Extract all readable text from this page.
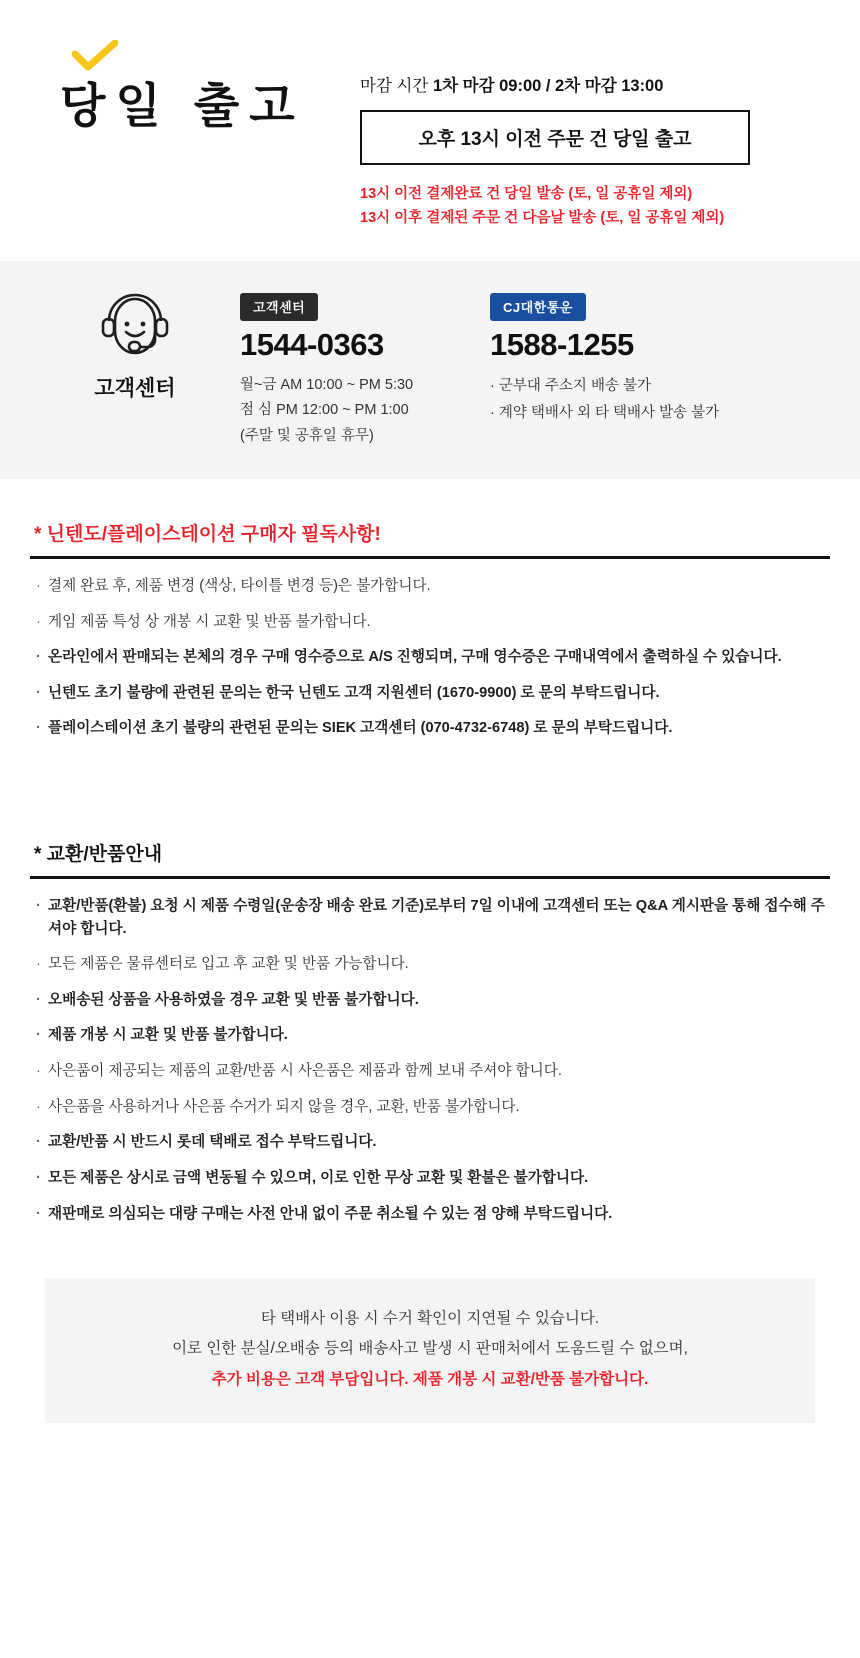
당일 출고	마감 시간 1차 마감 09:00 / 2차 마감 13:00
오후 13시 이전 주문 건 당일 출고
13시 이전 결제완료 건 당일 발송 (토, 일 공휴일 제외)
13시 이후 결제된 주문 건 다음날 발송 (토, 일 공휴일 제외)
고객센터
고객센터
1544-0363
월~금 AM 10:00 ~ PM 5:30
점 심 PM 12:00 ~ PM 1:00
(주말 및 공휴일 휴무)
CJ대한통운
1588-1255
· 군부대 주소지 배송 불가
· 계약 택배사 외 타 택배사 발송 불가
* 닌텐도/플레이스테이션 구매자 필독사항!
· 결제 완료 후, 제품 변경 (색상, 타이틀 변경 등)은 불가합니다.
· 게임 제품 특성 상 개봉 시 교환 및 반품 불가합니다.
· 온라인에서 판매되는 본체의 경우 구매 영수증으로 A/S 진행되며, 구매 영수증은 구매내역에서 출력하실 수 있습니다.
· 닌텐도 초기 불량에 관련된 문의는 한국 닌텐도 고객 지원센터 (1670-9900) 로 문의 부탁드립니다.
· 플레이스테이션 초기 불량의 관련된 문의는 SIEK 고객센터 (070-4732-6748) 로 문의 부탁드립니다.
* 교환/반품안내
· 교환/반품(환불) 요청 시 제품 수령일(운송장 배송 완료 기준)로부터 7일 이내에 고객센터 또는 Q&A 게시판을 통해 접수해 주셔야 합니다.
· 모든 제품은 물류센터로 입고 후 교환 및 반품 가능합니다.
· 오배송된 상품을 사용하였을 경우 교환 및 반품 불가합니다.
· 제품 개봉 시 교환 및 반품 불가합니다.
· 사은품이 제공되는 제품의 교환/반품 시 사은품은 제품과 함께 보내 주셔야 합니다.
· 사은품을 사용하거나 사은품 수거가 되지 않을 경우, 교환, 반품 불가합니다.
· 교환/반품 시 반드시 롯데 택배로 접수 부탁드립니다.
· 모든 제품은 상시로 금액 변동될 수 있으며, 이로 인한 무상 교환 및 환불은 불가합니다.
· 재판매로 의심되는 대량 구매는 사전 안내 없이 주문 취소될 수 있는 점 양해 부탁드립니다.
타 택배사 이용 시 수거 확인이 지연될 수 있습니다.
이로 인한 분실/오배송 등의 배송사고 발생 시 판매처에서 도움드릴 수 없으며,
추가 비용은 고객 부담입니다. 제품 개봉 시 교환/반품 불가합니다.
